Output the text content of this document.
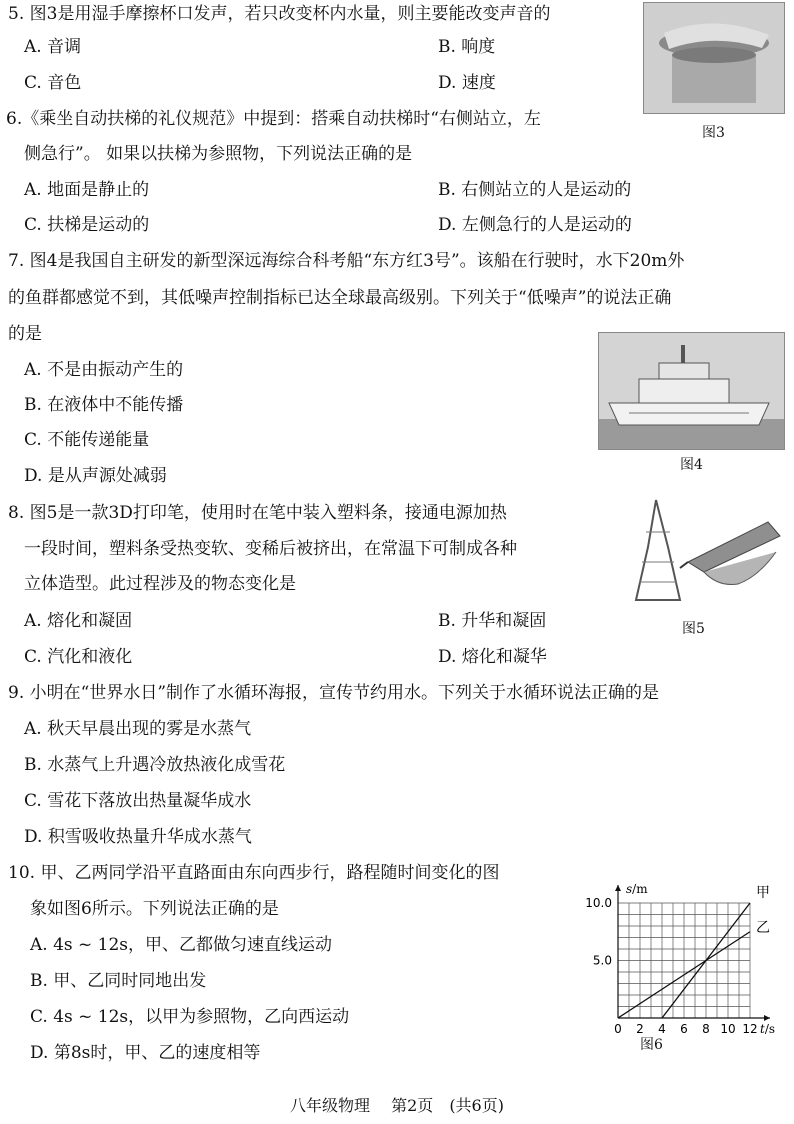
5. 图3是用湿手摩擦杯口发声，若只改变杯内水量，则主要能改变声音的
A. 音调	B. 响度
C. 音色	D. 速度
图3
6.《乘坐自动扶梯的礼仪规范》中提到：搭乘自动扶梯时“右侧站立，左
侧急行”。 如果以扶梯为参照物，下列说法正确的是
A. 地面是静止的	B. 右侧站立的人是运动的
C. 扶梯是运动的	D. 左侧急行的人是运动的
7. 图4是我国自主研发的新型深远海综合科考船“东方红3号”。该船在行驶时，水下20m外
的鱼群都感觉不到，其低噪声控制指标已达全球最高级别。下列关于“低噪声”的说法正确
的是
A. 不是由振动产生的
B. 在液体中不能传播
C. 不能传递能量
D. 是从声源处减弱
图4
8. 图5是一款3D打印笔，使用时在笔中装入塑料条，接通电源加热
一段时间，塑料条受热变软、变稀后被挤出，在常温下可制成各种
立体造型。此过程涉及的物态变化是
A. 熔化和凝固	B. 升华和凝固
C. 汽化和液化	D. 熔化和凝华
图5
9. 小明在“世界水日”制作了水循环海报，宣传节约用水。下列关于水循环说法正确的是
A. 秋天早晨出现的雾是水蒸气
B. 水蒸气上升遇冷放热液化成雪花
C. 雪花下落放出热量凝华成水
D. 积雪吸收热量升华成水蒸气
10. 甲、乙两同学沿平直路面由东向西步行，路程随时间变化的图
象如图6所示。下列说法正确的是
A. 4s ~ 12s，甲、乙都做匀速直线运动
B. 甲、乙同时同地出发
C. 4s ~ 12s，以甲为参照物，乙向西运动
D. 第8s时，甲、乙的速度相等
甲
乙
0 2 4 6 8 10 12
5.0
10.0
t/s
s/m
图6
八年级物理 第2页 (共6页)
